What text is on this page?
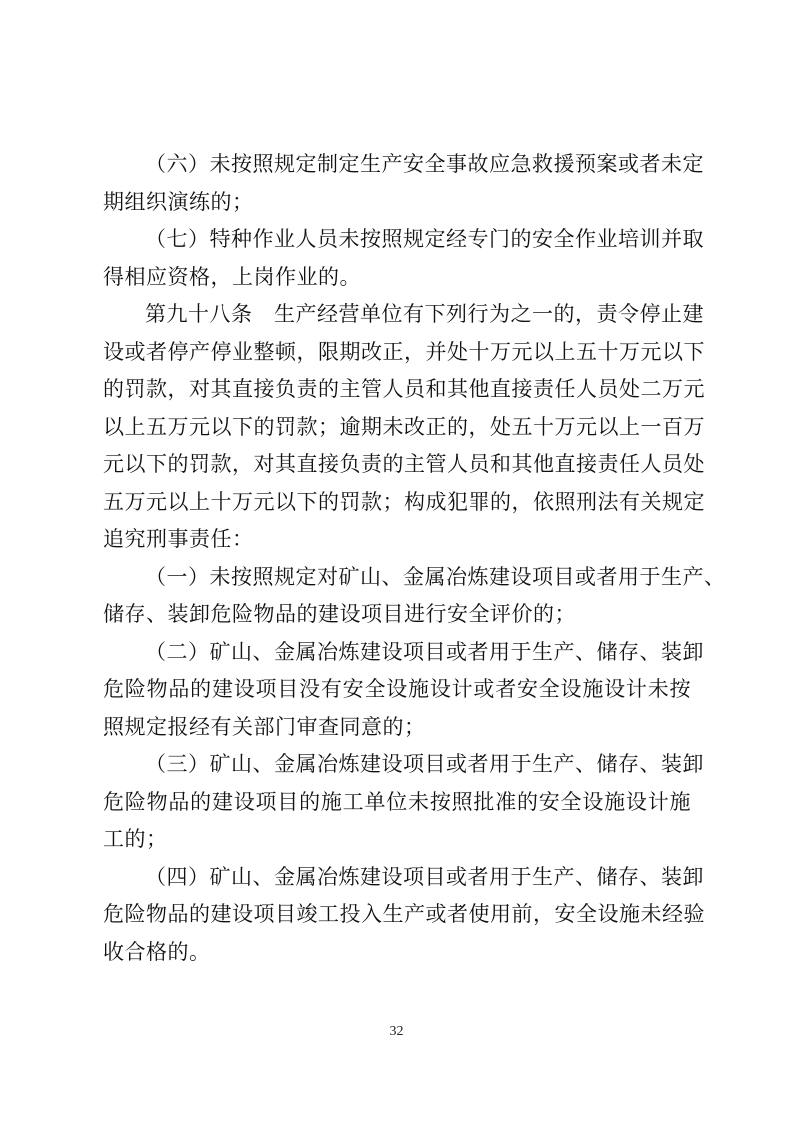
（六）未按照规定制定生产安全事故应急救援预案或者未定
期组织演练的；
（七）特种作业人员未按照规定经专门的安全作业培训并取
得相应资格，上岗作业的。
第九十八条　生产经营单位有下列行为之一的，责令停止建
设或者停产停业整顿，限期改正，并处十万元以上五十万元以下
的罚款，对其直接负责的主管人员和其他直接责任人员处二万元
以上五万元以下的罚款；逾期未改正的，处五十万元以上一百万
元以下的罚款，对其直接负责的主管人员和其他直接责任人员处
五万元以上十万元以下的罚款；构成犯罪的，依照刑法有关规定
追究刑事责任：
（一）未按照规定对矿山、金属冶炼建设项目或者用于生产、
储存、装卸危险物品的建设项目进行安全评价的；
（二）矿山、金属冶炼建设项目或者用于生产、储存、装卸
危险物品的建设项目没有安全设施设计或者安全设施设计未按
照规定报经有关部门审查同意的；
（三）矿山、金属冶炼建设项目或者用于生产、储存、装卸
危险物品的建设项目的施工单位未按照批准的安全设施设计施
工的；
（四）矿山、金属冶炼建设项目或者用于生产、储存、装卸
危险物品的建设项目竣工投入生产或者使用前，安全设施未经验
收合格的。
32
